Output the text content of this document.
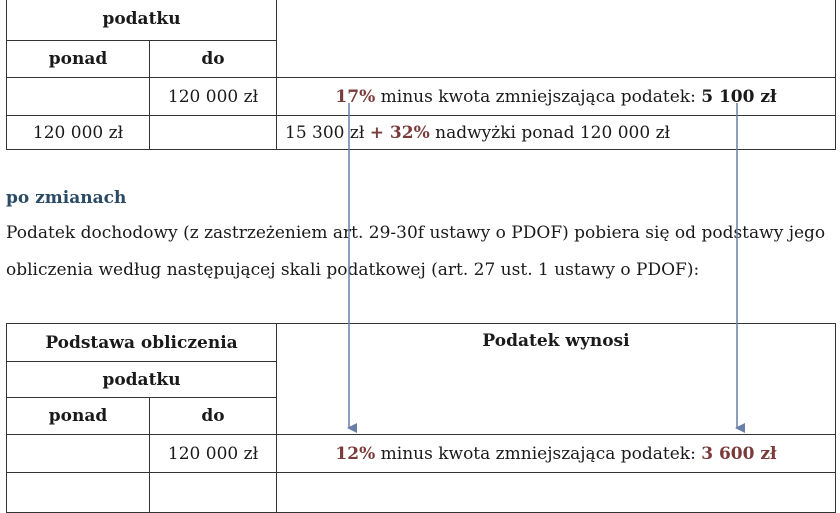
podatku		
ponad	do	
	120 000 zł	17% minus kwota zmniejszająca podatek: 5 100 zł
120 000 zł		15 300 zł + 32% nadwyżki ponad 120 000 zł
po zmianach
Podatek dochodowy (z zastrzeżeniem art. 29-30f ustawy o PDOF) pobiera się od podstawy jego
obliczenia według następującej skali podatkowej (art. 27 ust. 1 ustawy o PDOF):
Podstawa obliczenia		Podatek wynosi
podatku		
ponad	do	
	120 000 zł	12% minus kwota zmniejszająca podatek: 3 600 zł
